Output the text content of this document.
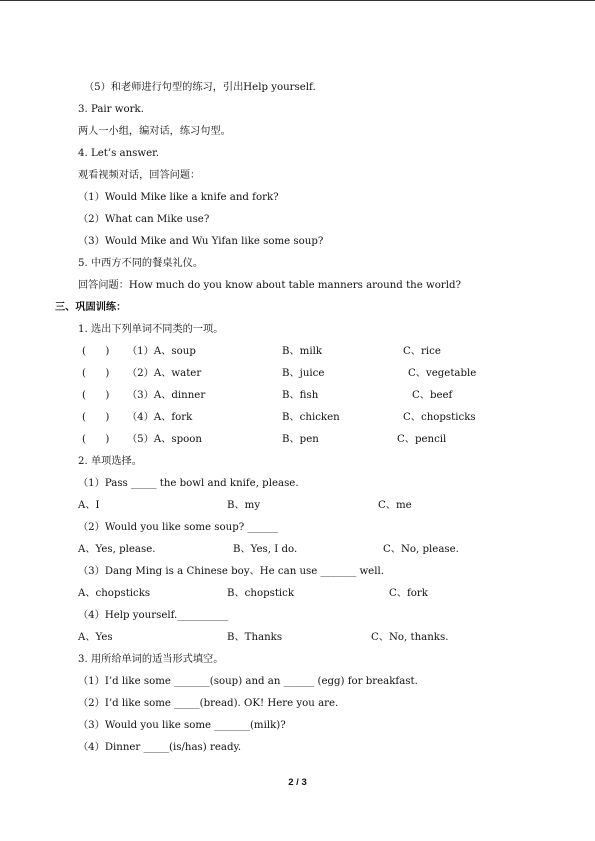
（5）和老师进行句型的练习，引出Help yourself.
3. Pair work.
两人一小组，编对话，练习句型。
4. Let’s answer.
观看视频对话，回答问题：
（1）Would Mike like a knife and fork?
（2）What can Mike use?
（3）Would Mike and Wu Yifan like some soup?
5. 中西方不同的餐桌礼仪。
回答问题：How much do you know about table manners around the world?
三、巩固训练：
1. 选出下列单词不同类的一项。
(      ) （1）A、soup	B、milk	C、rice
(      ) （2）A、water	B、juice	C、vegetable
(      ) （3）A、dinner	B、fish	C、beef
(      ) （4）A、fork	B、chicken	C、chopsticks
(      ) （5）A、spoon	B、pen	C、pencil
2. 单项选择。
（1）Pass _____ the bowl and knife, please.
A、I	B、my	C、me
（2）Would you like some soup? ______
A、Yes, please.	B、Yes, I do.	C、No, please.
（3）Dang Ming is a Chinese boy、He can use _______ well.
A、chopsticks	B、chopstick	C、fork
（4）Help yourself.__________
A、Yes	B、Thanks	C、No, thanks.
3. 用所给单词的适当形式填空。
（1）I’d like some _______(soup) and an ______ (egg) for breakfast.
（2）I’d like some _____(bread). OK! Here you are.
（3）Would you like some _______(milk)?
（4）Dinner _____(is/has) ready.
2 / 3
